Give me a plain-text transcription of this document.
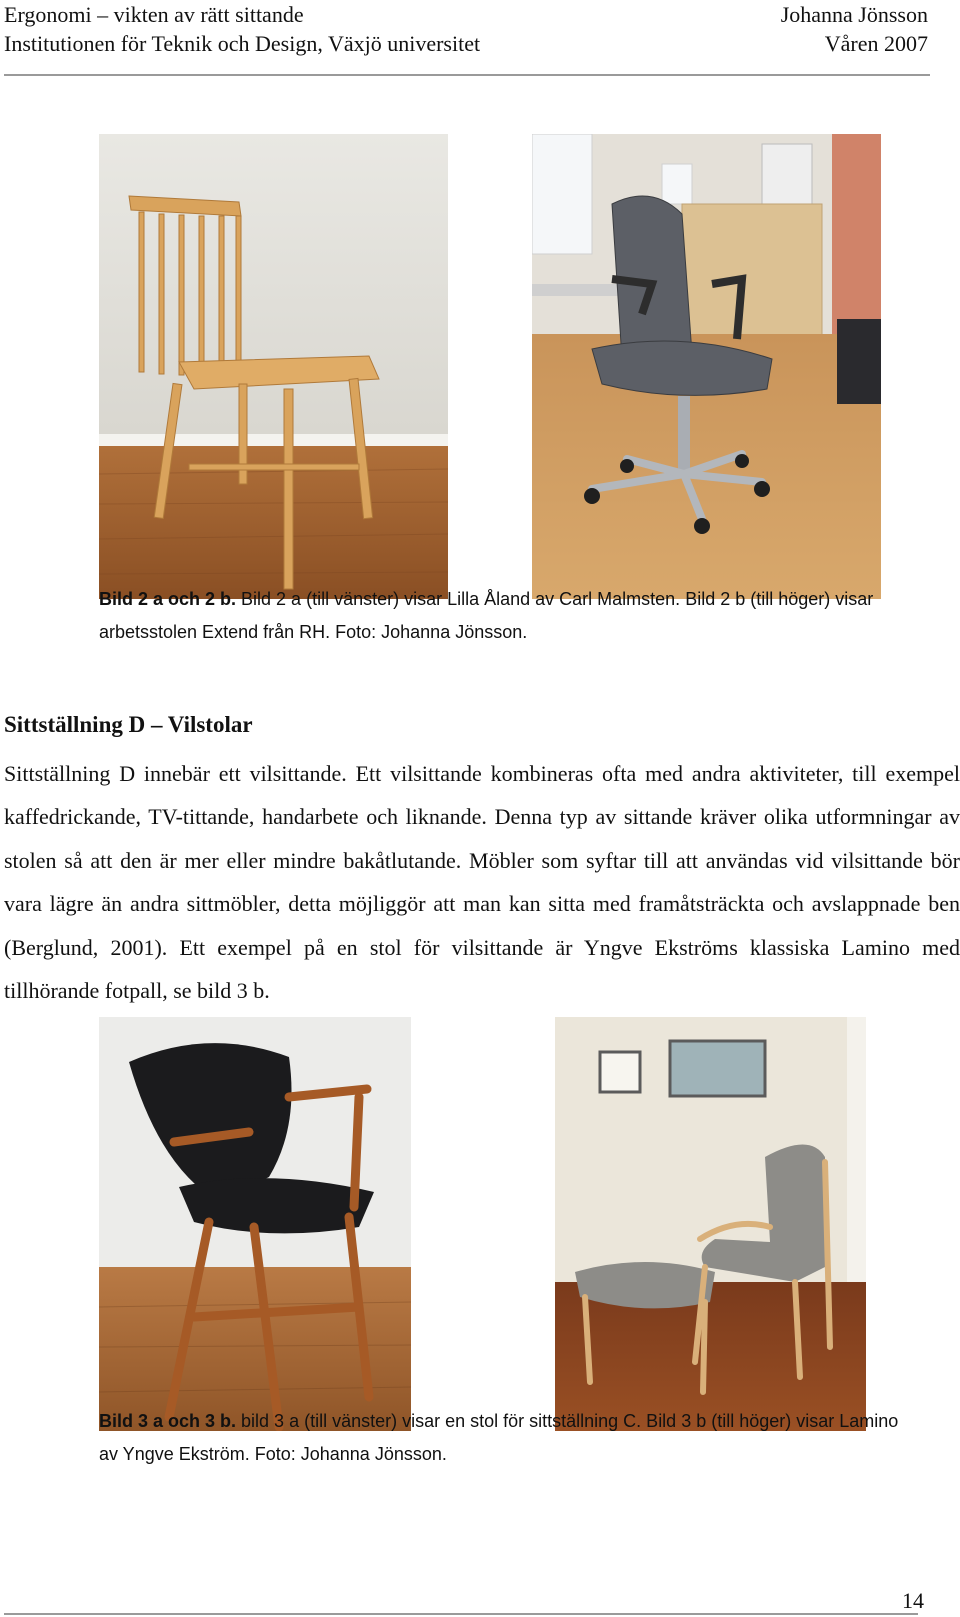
Ergonomi – vikten av rätt sittande	Johanna Jönsson
Institutionen för Teknik och Design, Växjö universitet	Våren 2007

Bild 2 a och 2 b. Bild 2 a (till vänster) visar Lilla Åland av Carl Malmsten. Bild 2 b (till höger) visar arbetsstolen Extend från RH. Foto: Johanna Jönsson.

Sittställning D – Vilstolar

Sittställning D innebär ett vilsittande. Ett vilsittande kombineras ofta med andra aktiviteter, till exempel kaffedrickande, TV-tittande, handarbete och liknande. Denna typ av sittande kräver olika utformningar av stolen så att den är mer eller mindre bakåtlutande. Möbler som syftar till att användas vid vilsittande bör vara lägre än andra sittmöbler, detta möjliggör att man kan sitta med framåtsträckta och avslappnade ben (Berglund, 2001). Ett exempel på en stol för vilsittande är Yngve Ekströms klassiska Lamino med tillhörande fotpall, se bild 3 b.

Bild 3 a och 3 b. bild 3 a (till vänster) visar en stol för sittställning C. Bild 3 b (till höger) visar Lamino av Yngve Ekström. Foto: Johanna Jönsson.

14
